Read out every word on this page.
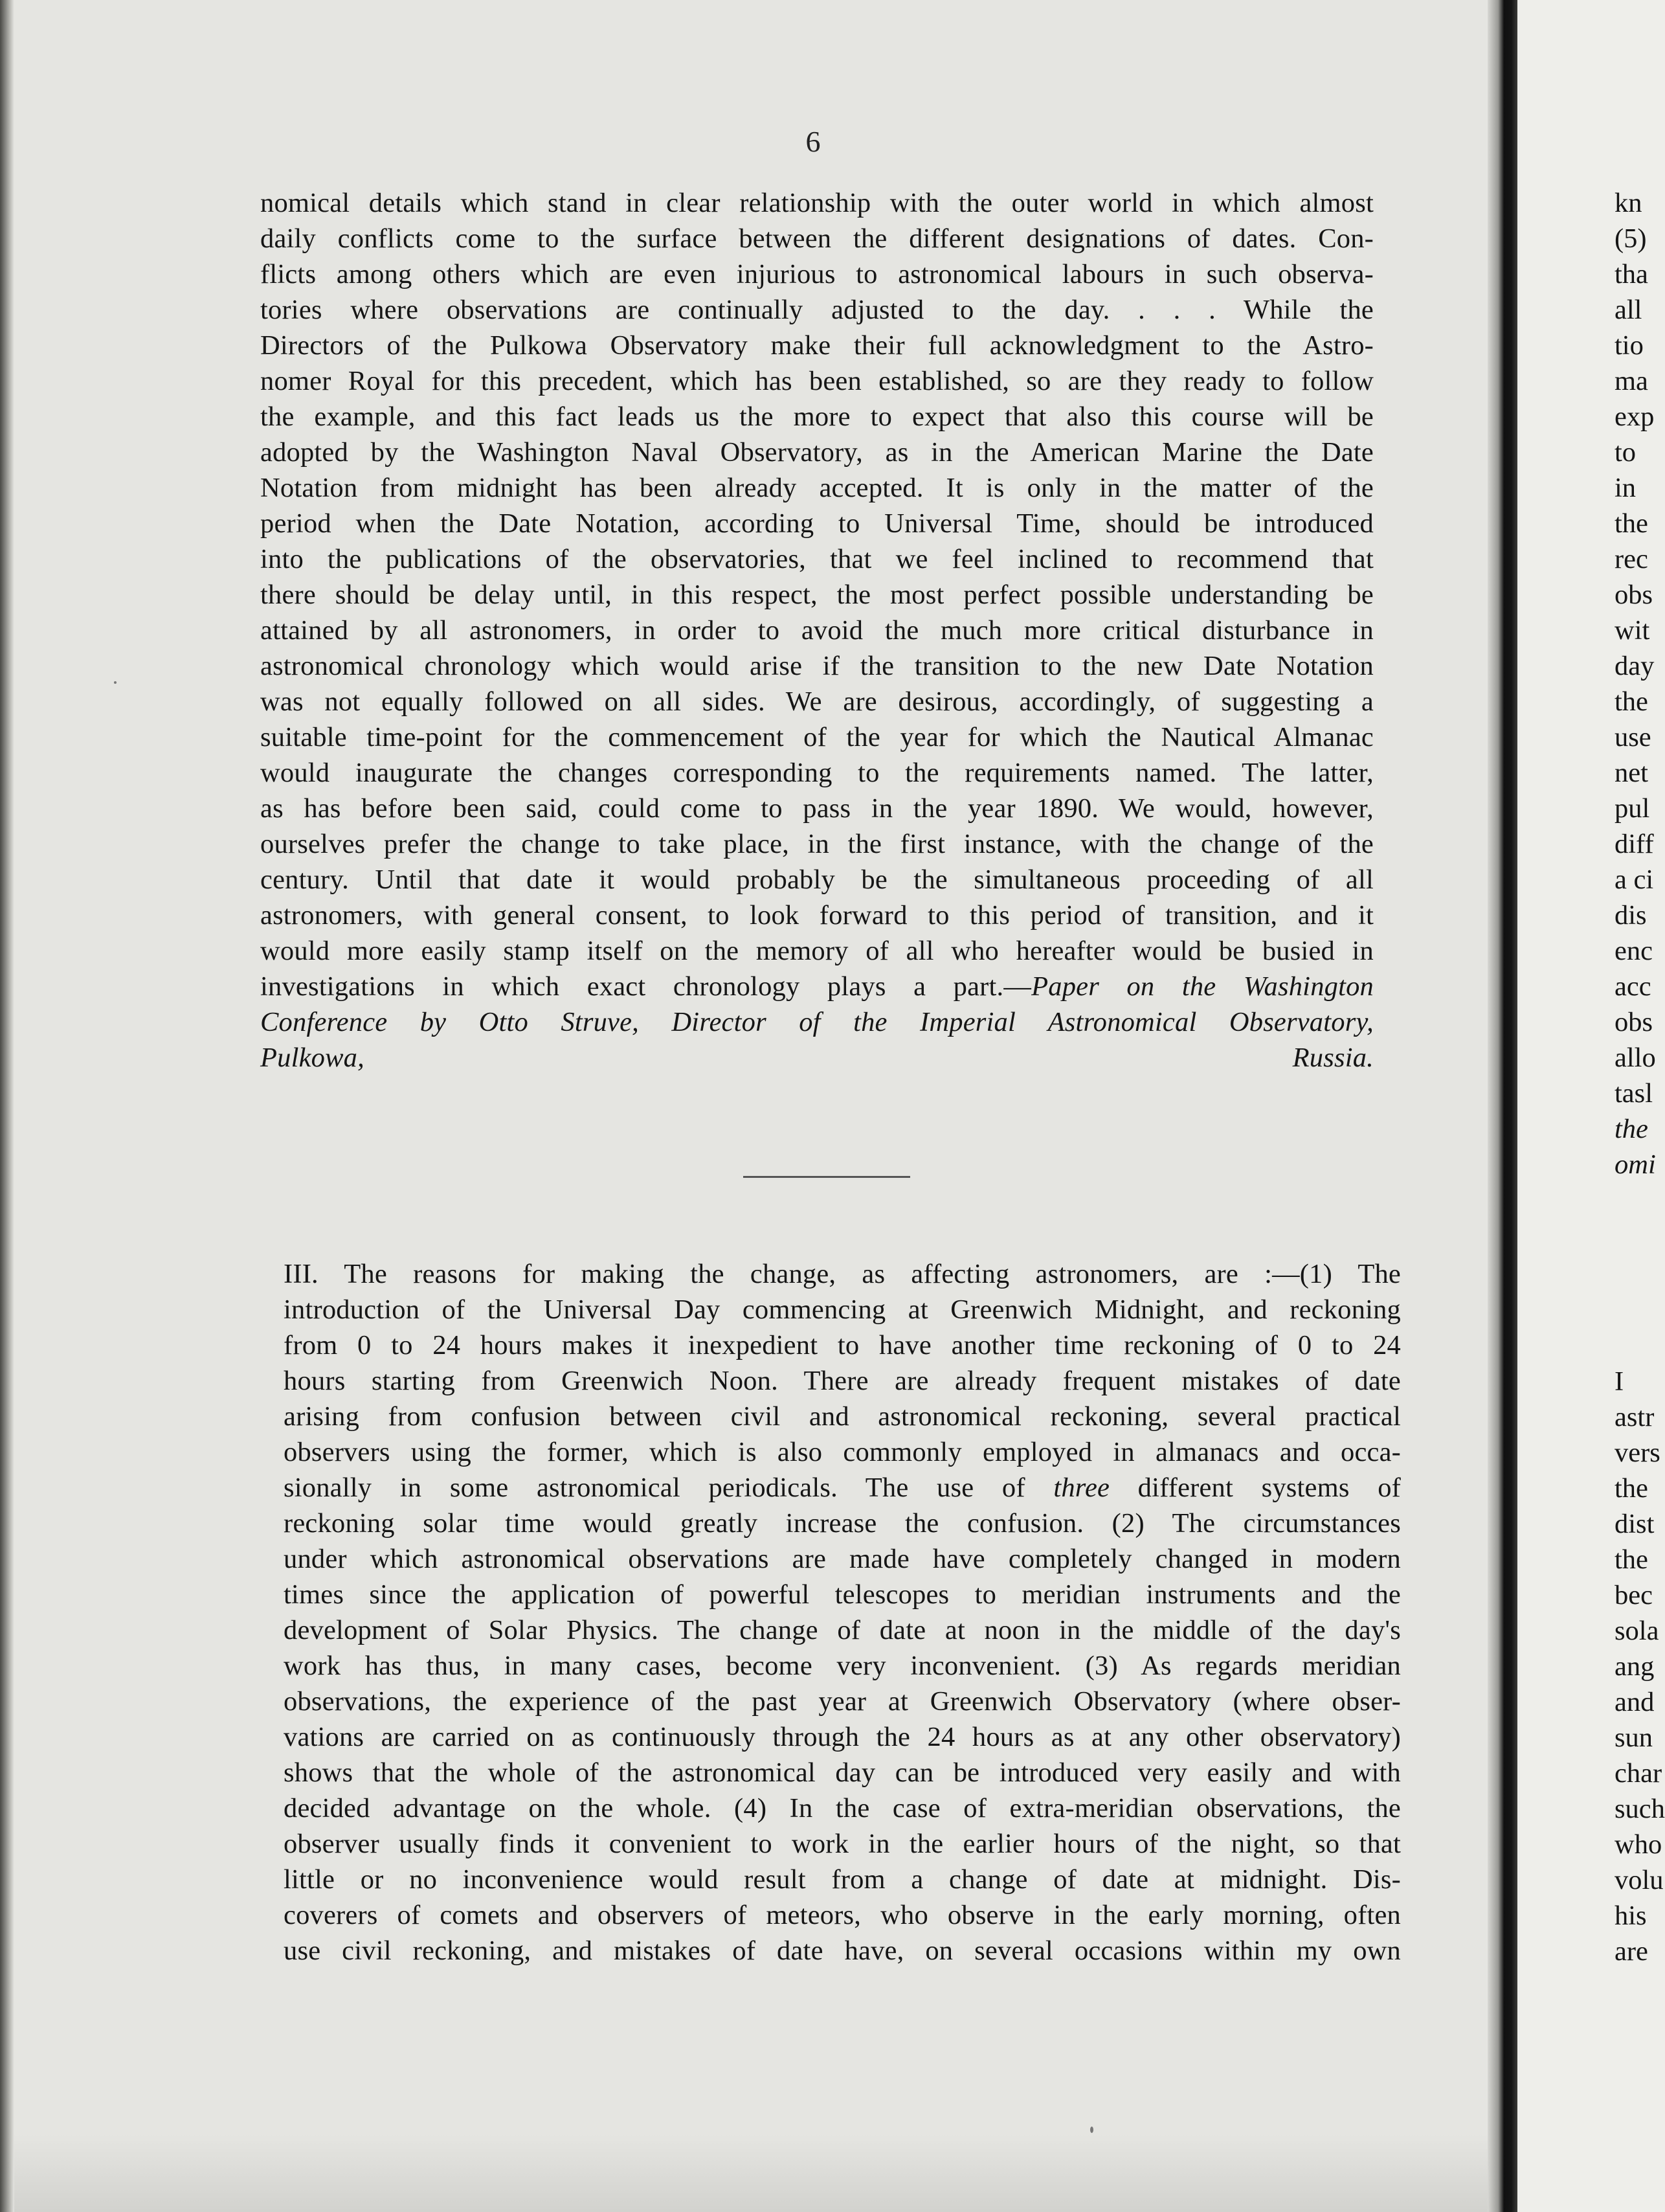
6
nomical details which stand in clear relationship with the outer world in which almost
daily conflicts come to the surface between the different designations of dates. Con-
flicts among others which are even injurious to astronomical labours in such observa-
tories where observations are continually adjusted to the day. . . . While the
Directors of the Pulkowa Observatory make their full acknowledgment to the Astro-
nomer Royal for this precedent, which has been established, so are they ready to follow
the example, and this fact leads us the more to expect that also this course will be
adopted by the Washington Naval Observatory, as in the American Marine the Date
Notation from midnight has been already accepted. It is only in the matter of the
period when the Date Notation, according to Universal Time, should be introduced
into the publications of the observatories, that we feel inclined to recommend that
there should be delay until, in this respect, the most perfect possible understanding be
attained by all astronomers, in order to avoid the much more critical disturbance in
astronomical chronology which would arise if the transition to the new Date Notation
was not equally followed on all sides. We are desirous, accordingly, of suggesting a
suitable time-point for the commencement of the year for which the Nautical Almanac
would inaugurate the changes corresponding to the requirements named. The latter,
as has before been said, could come to pass in the year 1890. We would, however,
ourselves prefer the change to take place, in the first instance, with the change of the
century. Until that date it would probably be the simultaneous proceeding of all
astronomers, with general consent, to look forward to this period of transition, and it
would more easily stamp itself on the memory of all who hereafter would be busied in
investigations in which exact chronology plays a part.—Paper on the Washington
Conference by Otto Struve, Director of the Imperial Astronomical Observatory,
Pulkowa, Russia.
III. The reasons for making the change, as affecting astronomers, are :—(1) The
introduction of the Universal Day commencing at Greenwich Midnight, and reckoning
from 0 to 24 hours makes it inexpedient to have another time reckoning of 0 to 24
hours starting from Greenwich Noon. There are already frequent mistakes of date
arising from confusion between civil and astronomical reckoning, several practical
observers using the former, which is also commonly employed in almanacs and occa-
sionally in some astronomical periodicals. The use of three different systems of
reckoning solar time would greatly increase the confusion. (2) The circumstances
under which astronomical observations are made have completely changed in modern
times since the application of powerful telescopes to meridian instruments and the
development of Solar Physics. The change of date at noon in the middle of the day's
work has thus, in many cases, become very inconvenient. (3) As regards meridian
observations, the experience of the past year at Greenwich Observatory (where obser-
vations are carried on as continuously through the 24 hours as at any other observatory)
shows that the whole of the astronomical day can be introduced very easily and with
decided advantage on the whole. (4) In the case of extra-meridian observations, the
observer usually finds it convenient to work in the earlier hours of the night, so that
little or no inconvenience would result from a change of date at midnight. Dis-
coverers of comets and observers of meteors, who observe in the early morning, often
use civil reckoning, and mistakes of date have, on several occasions within my own
kn
(5)
tha
all
tio
ma
exp
to
in
the
rec
obs
wit
day
the
use
net
pul
diff
a ci
dis
enc
acc
obs
allo
tasl
the
omi
I
astr
vers
the
dist
the
bec
sola
ang
and
sun
char
such
who
volu
his
are
